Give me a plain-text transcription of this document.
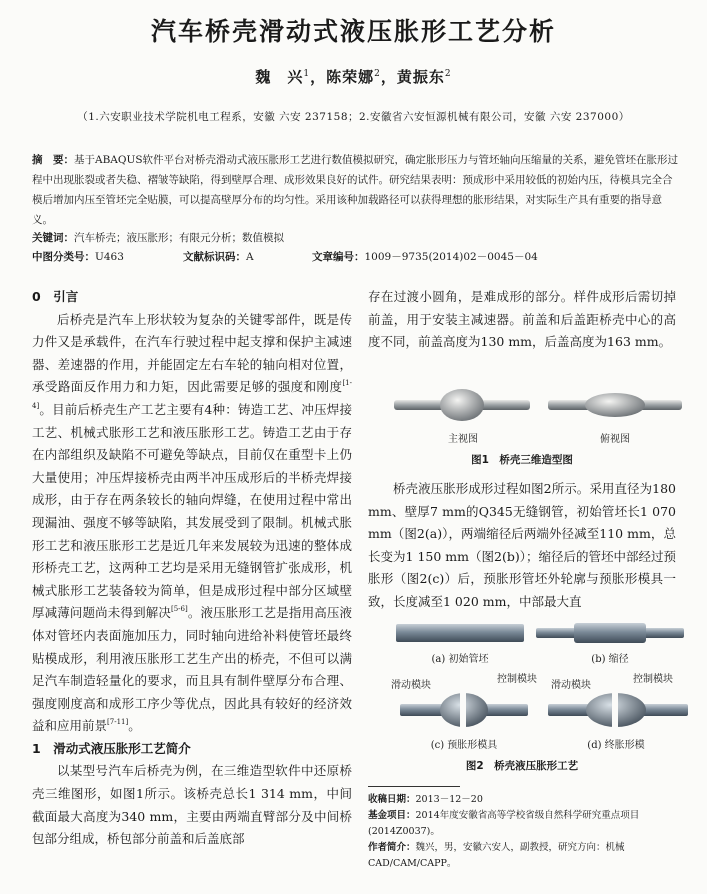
汽车桥壳滑动式液压胀形工艺分析
魏　兴$^1$，陈荣娜$^2$，黄振东$^2$
（1.六安职业技术学院机电工程系，安徽 六安 237158；2.安徽省六安恒源机械有限公司，安徽 六安 237000）
摘　要：基于ABAQUS软件平台对桥壳滑动式液压胀形工艺进行数值模拟研究，确定胀形压力与管坯轴向压缩量的关系，避免管坯在胀形过程中出现胀裂或者失稳、褶皱等缺陷，得到壁厚合理、成形效果良好的试件。研究结果表明：预成形中采用较低的初始内压，待模具完全合模后增加内压至管坯完全贴膜，可以提高壁厚分布的均匀性。采用该种加载路径可以获得理想的胀形结果，对实际生产具有重要的指导意义。
关键词：汽车桥壳；液压胀形；有限元分析；数值模拟
中图分类号：U463	文献标识码：A	文章编号：1009－9735(2014)02－0045－04

0　引言

后桥壳是汽车上形状较为复杂的关键零部件，既是传力件又是承载件，在汽车行驶过程中起支撑和保护主减速器、差速器的作用，并能固定左右车轮的轴向相对位置，承受路面反作用力和力矩，因此需要足够的强度和刚度[1-4]。目前后桥壳生产工艺主要有4种：铸造工艺、冲压焊接工艺、机械式胀形工艺和液压胀形工艺。铸造工艺由于存在内部组织及缺陷不可避免等缺点，目前仅在重型卡上仍大量使用；冲压焊接桥壳由两半冲压成形后的半桥壳焊接成形，由于存在两条较长的轴向焊缝，在使用过程中常出现漏油、强度不够等缺陷，其发展受到了限制。机械式胀形工艺和液压胀形工艺是近几年来发展较为迅速的整体成形桥壳工艺，这两种工艺均是采用无缝钢管扩张成形，机械式胀形工艺装备较为简单，但是成形过程中部分区域壁厚减薄问题尚未得到解决[5-6]。液压胀形工艺是指用高压液体对管坯内表面施加压力，同时轴向进给补料使管坯最终贴模成形，利用液压胀形工艺生产出的桥壳，不但可以满足汽车制造轻量化的要求，而且具有制件壁厚分布合理、强度刚度高和成形工序少等优点，因此具有较好的经济效益和应用前景[7-11]。

1　滑动式液压胀形工艺简介

以某型号汽车后桥壳为例，在三维造型软件中还原桥壳三维图形，如图1所示。该桥壳总长1 314 mm，中间截面最大高度为340 mm，主要由两端直臂部分及中间桥包部分组成，桥包部分前盖和后盖底部

存在过渡小圆角，是难成形的部分。样件成形后需切掉前盖，用于安装主减速器。前盖和后盖距桥壳中心的高度不同，前盖高度为130 mm，后盖高度为163 mm。

主视图	俯视图
图1　桥壳三维造型图

桥壳液压胀形成形过程如图2所示。采用直径为180 mm、壁厚7 mm的Q345无缝钢管，初始管坯长1 070 mm（图2(a)），两端缩径后两端外径减至110 mm，总长变为1 150 mm（图2(b)）；缩径后的管坯中部经过预胀形（图2(c)）后，预胀形管坯外轮廓与预胀形模具一致，长度减至1 020 mm，中部最大直

(a) 初始管坯	(b) 缩径
滑动模块
控制模块
滑动模块
控制模块
(c) 预胀形模具	(d) 终胀形模
图2　桥壳液压胀形工艺
收稿日期：2013－12－20
基金项目：2014年度安徽省高等学校省级自然科学研究重点项目(2014Z0037)。
作者简介：魏兴，男，安徽六安人，副教授，研究方向：机械CAD/CAM/CAPP。
